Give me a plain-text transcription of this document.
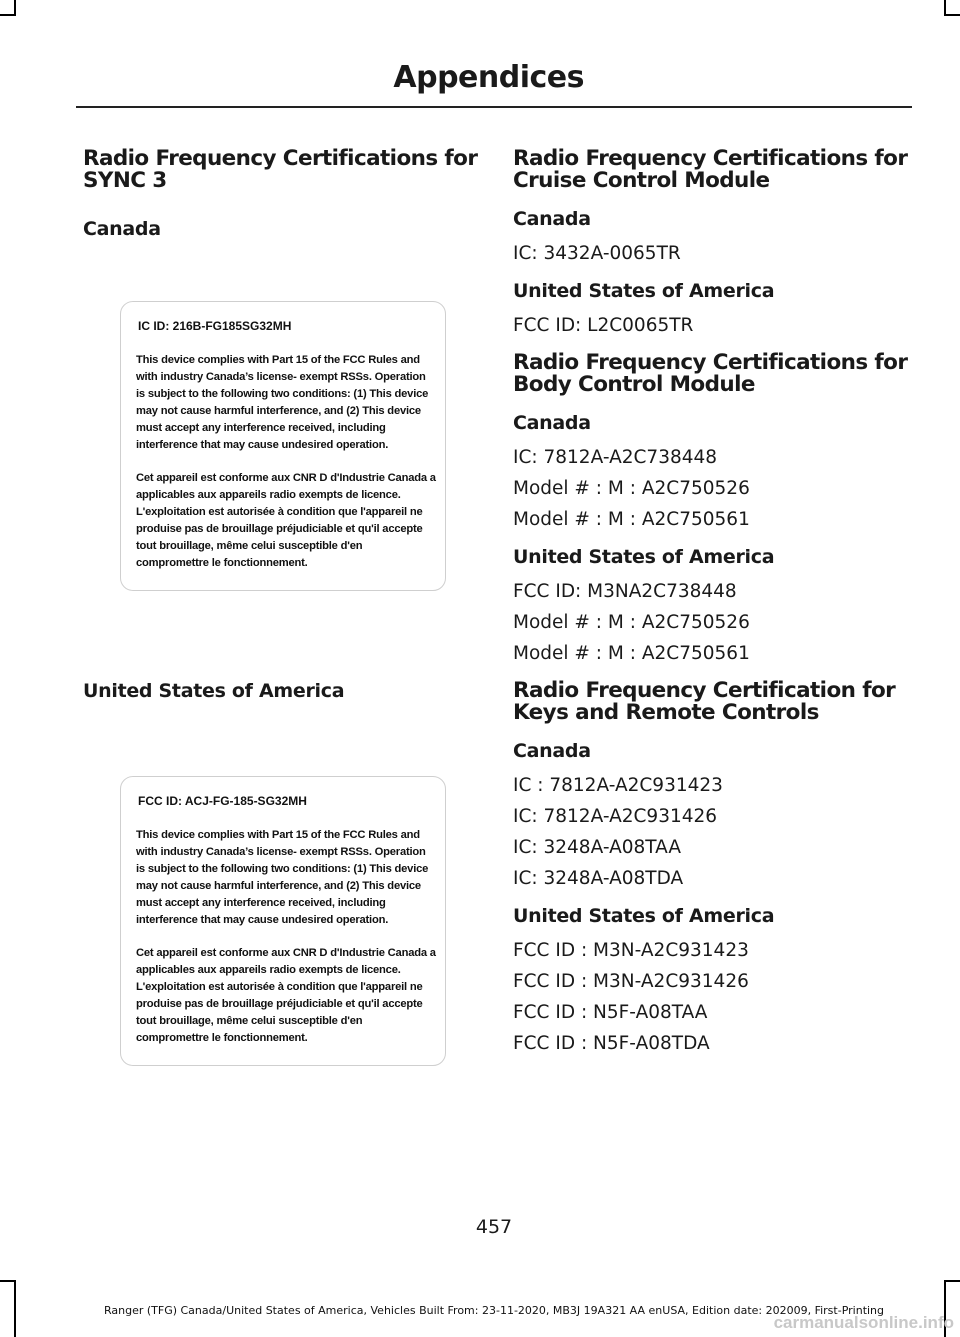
Appendices
Radio Frequency Certifications for SYNC 3
Canada
IC ID: 216B-FG185SG32MH

This device complies with Part 15 of the FCC Rules and with industry Canada’s license- exempt RSSs. Operation is subject to the following two conditions: (1) This device may not cause harmful interference, and (2) This device must accept any interference received, including interference that may cause undesired operation.

Cet appareil est conforme aux CNR D d'Industrie Canada a applicables aux appareils radio exempts de licence. L'exploitation est autorisée à condition que l'appareil ne produise pas de brouillage préjudiciable et qu'il accepte tout brouillage, même celui susceptible d'en compromettre le fonctionnement.

United States of America
FCC ID: ACJ-FG-185-SG32MH

This device complies with Part 15 of the FCC Rules and with industry Canada’s license- exempt RSSs. Operation is subject to the following two conditions: (1) This device may not cause harmful interference, and (2) This device must accept any interference received, including interference that may cause undesired operation.

Cet appareil est conforme aux CNR D d'Industrie Canada a applicables aux appareils radio exempts de licence. L'exploitation est autorisée à condition que l'appareil ne produise pas de brouillage préjudiciable et qu'il accepte tout brouillage, même celui susceptible d'en compromettre le fonctionnement.

Radio Frequency Certifications for Cruise Control Module
Canada

IC: 3432A-0065TR

United States of America

FCC ID: L2C0065TR

Radio Frequency Certifications for Body Control Module
Canada

IC: 7812A-A2C738448

Model # : M : A2C750526

Model # : M : A2C750561

United States of America

FCC ID: M3NA2C738448

Model # : M : A2C750526

Model # : M : A2C750561

Radio Frequency Certification for Keys and Remote Controls
Canada

IC : 7812A-A2C931423

IC: 7812A-A2C931426

IC: 3248A-A08TAA

IC: 3248A-A08TDA

United States of America

FCC ID : M3N-A2C931423

FCC ID : M3N-A2C931426

FCC ID : N5F-A08TAA

FCC ID : N5F-A08TDA

457
Ranger (TFG) Canada/United States of America, Vehicles Built From: 23-11-2020, MB3J 19A321 AA enUSA, Edition date: 202009, First-Printing
carmanualsonline.info
